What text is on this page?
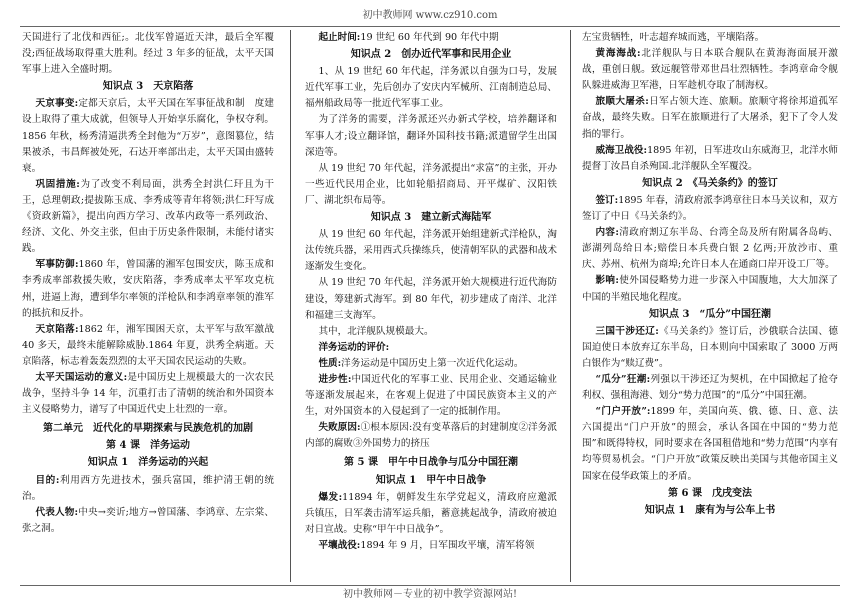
初中教师网 www.cz910.com

天国进行了北伐和西征;。北伐军曾逼近天津，最后全军覆没;西征战场取得重大胜利。经过 3 年多的征战，太平天国军事上进入全盛时期。

知识点 3　天京陷落

天京事变:定都天京后，太平天国在军事征战和制　度建设上取得了重大成就，但领导人开始享乐腐化，争权夺利。1856 年秋，杨秀清逼洪秀全封他为“万岁”，意图篡位，结果被杀，韦昌辉被处死，石达开率部出走，太平天国由盛转衰。

巩固措施:为了改变不利局面，洪秀全封洪仁玕且为干王，总理朝政;提拔陈玉成、李秀成等青年将领;洪仁玕写成《资政新篇》，提出向西方学习、改革内政等一系列政治、经济、文化、外交主张，但由于历史条件限制，未能付诸实践。

军事防御:1860 年，曾国藩的湘军包围安庆，陈玉成和李秀成率部救援失败，安庆陷落，李秀成率太平军攻克杭州，进逼上海，遭到华尔率领的洋枪队和李鸿章率领的淮军的抵抗和反扑。

天京陷落:1862 年，湘军围困天京，太平军与敌军激战 40 多天，最终未能解除威胁.1864 年夏，洪秀全病逝。天京陷落，标志着轰轰烈烈的太平天国农民运动的失败。

太平天国运动的意义:是中国历史上规模最大的一次农民战争，坚持斗争 14 年，沉重打击了清朝的统治和外国资本主义侵略势力，谱写了中国近代史上壮烈的一章。

第二单元　近代化的早期探索与民族危机的加剧
第 4 课　洋务运动
知识点 1　洋务运动的兴起

目的:利用西方先进技术，强兵富国，维护清王朝的统治。

代表人物:中央→奕䜣;地方→曾国藩、李鸿章、左宗棠、张之洞。

起止时间:19 世纪 60 年代到 90 年代中期

知识点 2　创办近代军事和民用企业

1、从 19 世纪 60 年代起，洋务派以自强为口号，发展近代军事工业，先后创办了安庆内军械所、江南制造总局、福州船政局等一批近代军事工业。

为了洋务的需要，洋务派还兴办新式学校，培养翻译和军事人才;设立翻译馆，翻译外国科技书籍;派遣留学生出国深造等。

从 19 世纪 70 年代起，洋务派提出“求富”的主张，开办一些近代民用企业，比如轮船招商局、开平煤矿、汉阳铁厂、湖北织布局等。

知识点 3　建立新式海陆军

从 19 世纪 60 年代起，洋务派开始组建新式洋枪队，淘汰传统兵器，采用西式兵操练兵，使清朝军队的武器和战术逐渐发生变化。

从 19 世纪 70 年代起，洋务派开始大规模进行近代海防建设，筹建新式海军。到 80 年代，初步建成了南洋、北洋和福建三支海军。

其中，北洋舰队规模最大。

洋务运动的评价:

性质:洋务运动是中国历史上第一次近代化运动。

进步性:中国近代化的军事工业、民用企业、交通运输业等逐渐发展起来，在客观上促进了中国民族资本主义的产生，对外国资本的入侵起到了一定的抵制作用。

失败原因:①根本原因:没有变革落后的封建制度②洋务派内部的腐败③外国势力的挤压

第 5 课　甲午中日战争与瓜分中国狂潮
知识点 1　甲午中日战争

爆发:11894 年，朝鲜发生东学党起义，清政府应邀派兵镇压，日军袭击清军运兵船，蓄意挑起战争，清政府被迫对日宣战。史称“甲午中日战争”。

平壤战役:1894 年 9 月，日军围攻平壤，清军将领

左宝贵牺牲，叶志超弃城而逃，平壤陷落。

黄海海战:北洋舰队与日本联合舰队在黄海海面展开激战，重创日舰。致远舰管带邓世昌壮烈牺牲。李鸿章命令舰队躲进威海卫军港，日军趁机夺取了制海权。

旅顺大屠杀:日军占领大连、旅顺。旅顺守将徐邦道孤军奋战，最终失败。日军在旅顺进行了大屠杀，犯下了令人发指的罪行。

威海卫战役:1895 年初，日军进攻山东威海卫，北洋水师提督丁汝昌自杀殉国.北洋舰队全军覆没。

知识点 2　《马关条约》的签订

签订:1895 年春，清政府派李鸿章往日本马关议和，双方签订了中日《马关条约》。

内容:清政府割辽东半岛、台湾全岛及所有附属各岛屿、澎湖列岛给日本;赔偿日本兵费白银 2 亿两;开放沙市、重庆、苏州、杭州为商埠;允许日本人在通商口岸开设工厂等。

影响:使外国侵略势力进一步深入中国腹地，大大加深了中国的半殖民地化程度。

知识点 3　“瓜分”中国狂潮

三国干涉还辽:《马关条约》签订后，沙俄联合法国、德国迫使日本放弃辽东半岛，日本则向中国索取了 3000 万两白银作为“赎辽费”。

“瓜分”狂潮:列强以干涉还辽为契机，在中国掀起了抢夺利权、强租海港、划分“势力范围”的“瓜分”中国狂潮。

“门户开放”:1899 年，美国向英、俄、德、日、意、法六国提出“门户开放”的照会，承认各国在中国的“势力范围”和既得特权，同时要求在各国租借地和“势力范围”内享有均等贸易机会。“门户开放”政策反映出美国与其他帝国主义国家在侵华政策上的矛盾。

第 6 课　戊戌变法
知识点 1　康有为与公车上书
初中教师网－专业的初中教学资源网站!
